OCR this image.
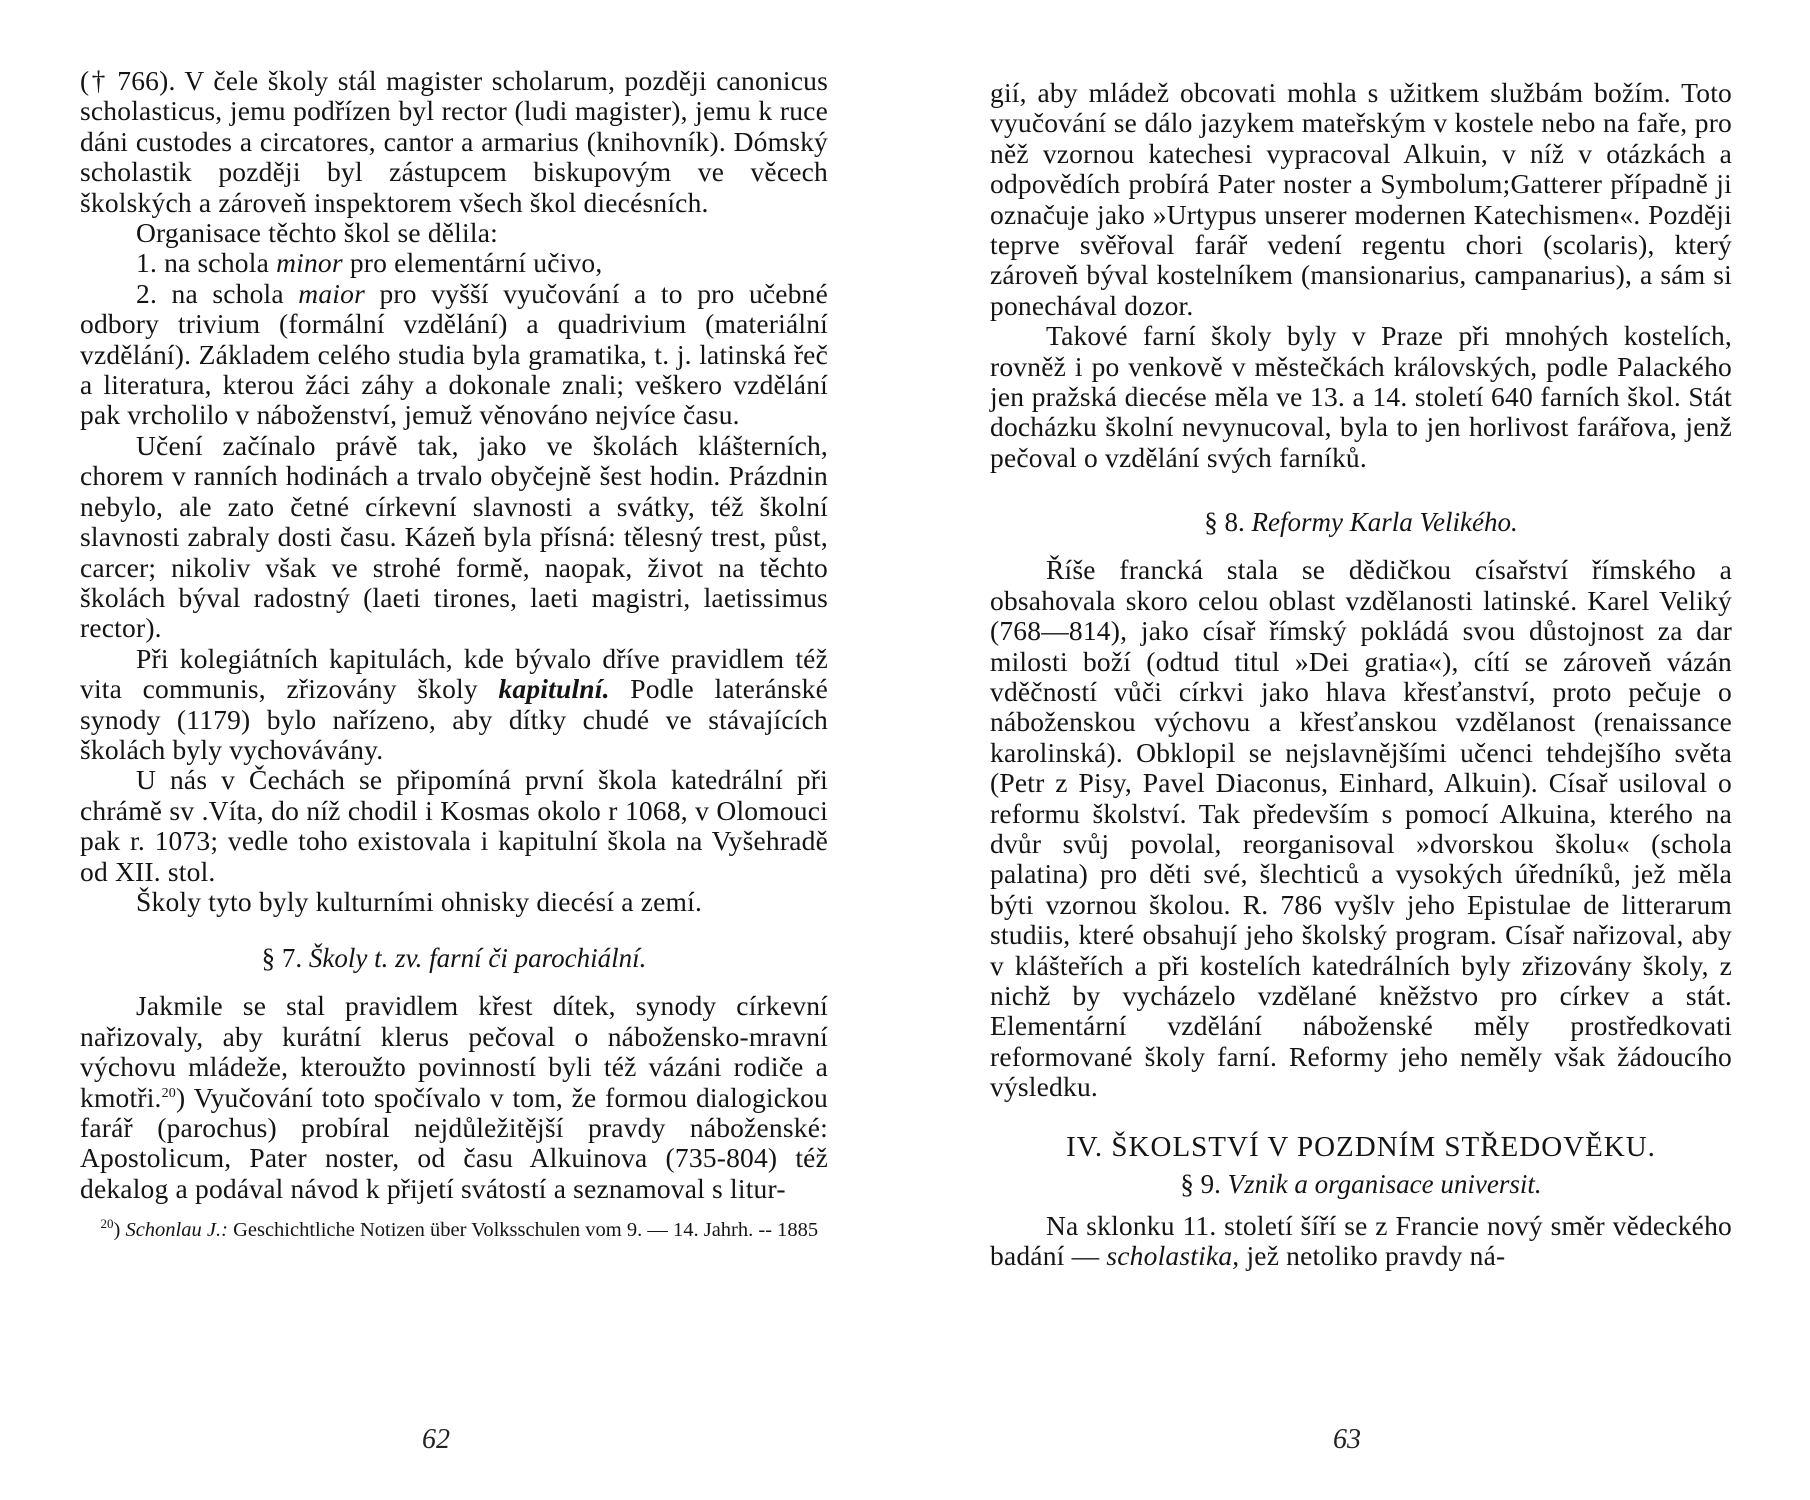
(† 766). V čele školy stál magister scholarum, později canonicus scholasticus, jemu podřízen byl rector (ludi magister), jemu k ruce dáni custodes a circatores, cantor a armarius (knihovník). Dómský scholastik později byl zástupcem biskupovým ve věcech školských a zároveň inspektorem všech škol diecésních.

Organisace těchto škol se dělila:

1. na schola minor pro elementární učivo,

2. na schola maior pro vyšší vyučování a to pro učebné odbory trivium (formální vzdělání) a quadrivium (materiální vzdělání). Základem celého studia byla gramatika, t. j. latinská řeč a literatura, kterou žáci záhy a dokonale znali; veškero vzdělání pak vrcholilo v náboženství, jemuž věnováno nejvíce času.

Učení začínalo právě tak, jako ve školách klášterních, chorem v ranních hodinách a trvalo obyčejně šest hodin. Prázdnin nebylo, ale zato četné církevní slavnosti a svátky, též školní slavnosti zabraly dosti času. Kázeň byla přísná: tělesný trest, půst, carcer; nikoliv však ve strohé formě, naopak, život na těchto školách býval radostný (laeti tirones, laeti magistri, laetissimus rector).

Při kolegiátních kapitulách, kde bývalo dříve pravidlem též vita communis, zřizovány školy kapitulní. Podle lateránské synody (1179) bylo nařízeno, aby dítky chudé ve stávajících školách byly vychovávány.

U nás v Čechách se připomíná první škola katedrální při chrámě sv .Víta, do níž chodil i Kosmas okolo r 1068, v Olomouci pak r. 1073; vedle toho existovala i kapitulní škola na Vyšehradě od XII. stol.

Školy tyto byly kulturními ohnisky diecésí a zemí.

§ 7. Školy t. zv. farní či parochiální.

Jakmile se stal pravidlem křest dítek, synody církevní nařizovaly, aby kurátní klerus pečoval o nábožensko-mravní výchovu mládeže, kteroužto povinností byli též vázáni rodiče a kmotři.$^{20}$) Vyučování toto spočívalo v tom, že formou dialogickou farář (parochus) probíral nejdůležitější pravdy náboženské: Apostolicum, Pater noster, od času Alkuinova (735-804) též dekalog a podával návod k přijetí svátostí a seznamoval s litur-

$^{20}$) Schonlau J.: Geschichtliche Notizen über Volksschulen vom 9. — 14. Jahrh. -- 1885
62

gií, aby mládež obcovati mohla s užitkem službám božím. Toto vyučování se dálo jazykem mateřským v kostele nebo na faře, pro něž vzornou katechesi vypracoval Alkuin, v níž v otázkách a odpovědích probírá Pater noster a Symbolum;Gatterer případně ji označuje jako »Urtypus unserer modernen Katechismen«. Později teprve svěřoval farář vedení regentu chori (scolaris), který zároveň býval kostelníkem (mansionarius, campanarius), a sám si ponechával dozor.

Takové farní školy byly v Praze při mnohých kostelích, rovněž i po venkově v městečkách královských, podle Palackého jen pražská diecése měla ve 13. a 14. století 640 farních škol. Stát docházku školní nevynucoval, byla to jen horlivost farářova, jenž pečoval o vzdělání svých farníků.

§ 8. Reformy Karla Velikého.

Říše francká stala se dědičkou císařství římského a obsahovala skoro celou oblast vzdělanosti latinské. Karel Veliký (768—814), jako císař římský pokládá svou důstojnost za dar milosti boží (odtud titul »Dei gratia«), cítí se zároveň vázán vděčností vůči církvi jako hlava křesťanství, proto pečuje o náboženskou výchovu a křesťanskou vzdělanost (renaissance karolinská). Obklopil se nejslavnějšími učenci tehdejšího světa (Petr z Pisy, Pavel Diaconus, Einhard, Alkuin). Císař usiloval o reformu školství. Tak především s pomocí Alkuina, kterého na dvůr svůj povolal, reorganisoval »dvorskou školu« (schola palatina) pro děti své, šlechticů a vysokých úředníků, jež měla býti vzornou školou. R. 786 vyšlv jeho Epistulae de litterarum studiis, které obsahují jeho školský program. Císař nařizoval, aby v klášteřích a při kostelích katedrálních byly zřizovány školy, z nichž by vycházelo vzdělané kněžstvo pro církev a stát. Elementární vzdělání náboženské měly prostředkovati reformované školy farní. Reformy jeho neměly však žádoucího výsledku.

IV. ŠKOLSTVÍ V POZDNÍM STŘEDOVĚKU.
§ 9. Vznik a organisace universit.

Na sklonku 11. století šíří se z Francie nový směr vědeckého badání — scholastika, jež netoliko pravdy ná-

63
